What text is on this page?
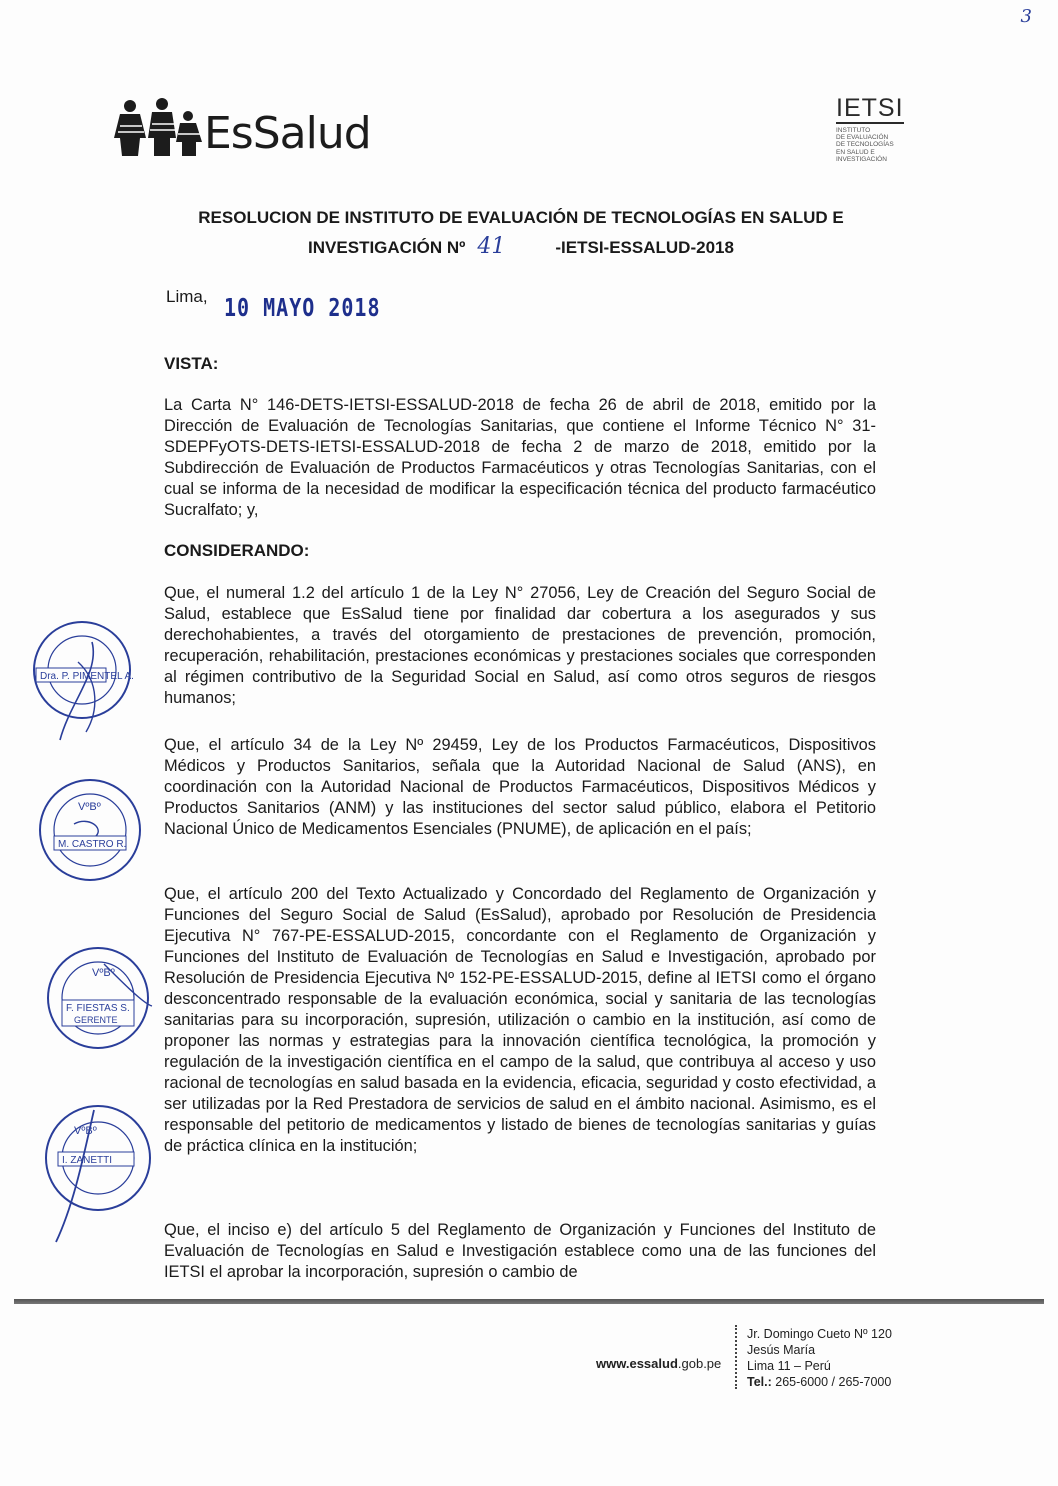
3
EsSalud	IETSI
INSTITUTO
DE EVALUACIÓN
DE TECNOLOGÍAS
EN SALUD E
INVESTIGACIÓN
RESOLUCION DE INSTITUTO DE EVALUACIÓN DE TECNOLOGÍAS EN SALUD E
INVESTIGACIÓN Nº 41	-IETSI-ESSALUD-2018
Lima, 10 MAYO 2018
VISTA:
La Carta N° 146-DETS-IETSI-ESSALUD-2018 de fecha 26 de abril de 2018, emitido por la Dirección de Evaluación de Tecnologías Sanitarias, que contiene el Informe Técnico N° 31-SDEPFyOTS-DETS-IETSI-ESSALUD-2018 de fecha 2 de marzo de 2018, emitido por la Subdirección de Evaluación de Productos Farmacéuticos y otras Tecnologías Sanitarias, con el cual se informa de la necesidad de modificar la especificación técnica del producto farmacéutico Sucralfato; y,
CONSIDERANDO:
Que, el numeral 1.2 del artículo 1 de la Ley N° 27056, Ley de Creación del Seguro Social de Salud, establece que EsSalud tiene por finalidad dar cobertura a los asegurados y sus derechohabientes, a través del otorgamiento de prestaciones de prevención, promoción, recuperación, rehabilitación, prestaciones económicas y prestaciones sociales que corresponden al régimen contributivo de la Seguridad Social en Salud, así como otros seguros de riesgos humanos;
Que, el artículo 34 de la Ley Nº 29459, Ley de los Productos Farmacéuticos, Dispositivos Médicos y Productos Sanitarios, señala que la Autoridad Nacional de Salud (ANS), en coordinación con la Autoridad Nacional de Productos Farmacéuticos, Dispositivos Médicos y Productos Sanitarios (ANM) y las instituciones del sector salud público, elabora el Petitorio Nacional Único de Medicamentos Esenciales (PNUME), de aplicación en el país;
Que, el artículo 200 del Texto Actualizado y Concordado del Reglamento de Organización y Funciones del Seguro Social de Salud (EsSalud), aprobado por Resolución de Presidencia Ejecutiva N° 767-PE-ESSALUD-2015, concordante con el Reglamento de Organización y Funciones del Instituto de Evaluación de Tecnologías en Salud e Investigación, aprobado por Resolución de Presidencia Ejecutiva Nº 152-PE-ESSALUD-2015, define al IETSI como el órgano desconcentrado responsable de la evaluación económica, social y sanitaria de las tecnologías sanitarias para su incorporación, supresión, utilización o cambio en la institución, así como de proponer las normas y estrategias para la innovación científica tecnológica, la promoción y regulación de la investigación científica en el campo de la salud, que contribuya al acceso y uso racional de tecnologías en salud basada en la evidencia, eficacia, seguridad y costo efectividad, a ser utilizadas por la Red Prestadora de servicios de salud en el ámbito nacional. Asimismo, es el responsable del petitorio de medicamentos y listado de bienes de tecnologías sanitarias y guías de práctica clínica en la institución;
Que, el inciso e) del artículo 5 del Reglamento de Organización y Funciones del Instituto de Evaluación de Tecnologías en Salud e Investigación establece como una de las funciones del IETSI el aprobar la incorporación, supresión o cambio de
Dra. P. PIMENTEL A.
VºBº
M. CASTRO R.
VºBº
F. FIESTAS S.
GERENTE
VºBº
I. ZANETTI
www.essalud.gob.pe
Jr. Domingo Cueto Nº 120
Jesús María
Lima 11 – Perú
Tel.: 265-6000 / 265-7000
